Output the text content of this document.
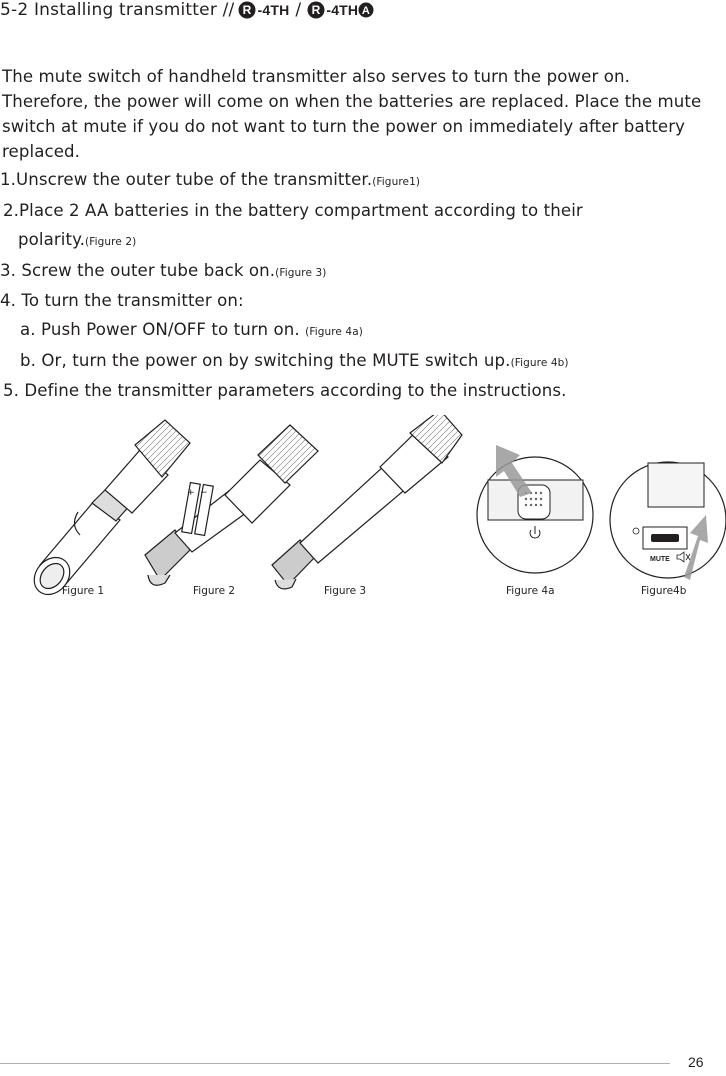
5-2 Installing transmitter // R -4TH / R -4TH A
The mute switch of handheld transmitter also serves to turn the power on. Therefore, the power will come on when the batteries are replaced. Place the mute switch at mute if you do not want to turn the power on immediately after battery replaced.
1.Unscrew the outer tube of the transmitter.(Figure1)
2.Place 2 AA batteries in the battery compartment according to their
polarity.(Figure 2)
3. Screw the outer tube back on.(Figure 3)
4. To turn the transmitter on:
a. Push Power ON/OFF to turn on. (Figure 4a)
b. Or, turn the power on by switching the MUTE switch up.(Figure 4b)
5. Define the transmitter parameters according to the instructions.
+ −
MUTE
Figure 1	Figure 2	Figure 3	Figure 4a	Figure4b
26
